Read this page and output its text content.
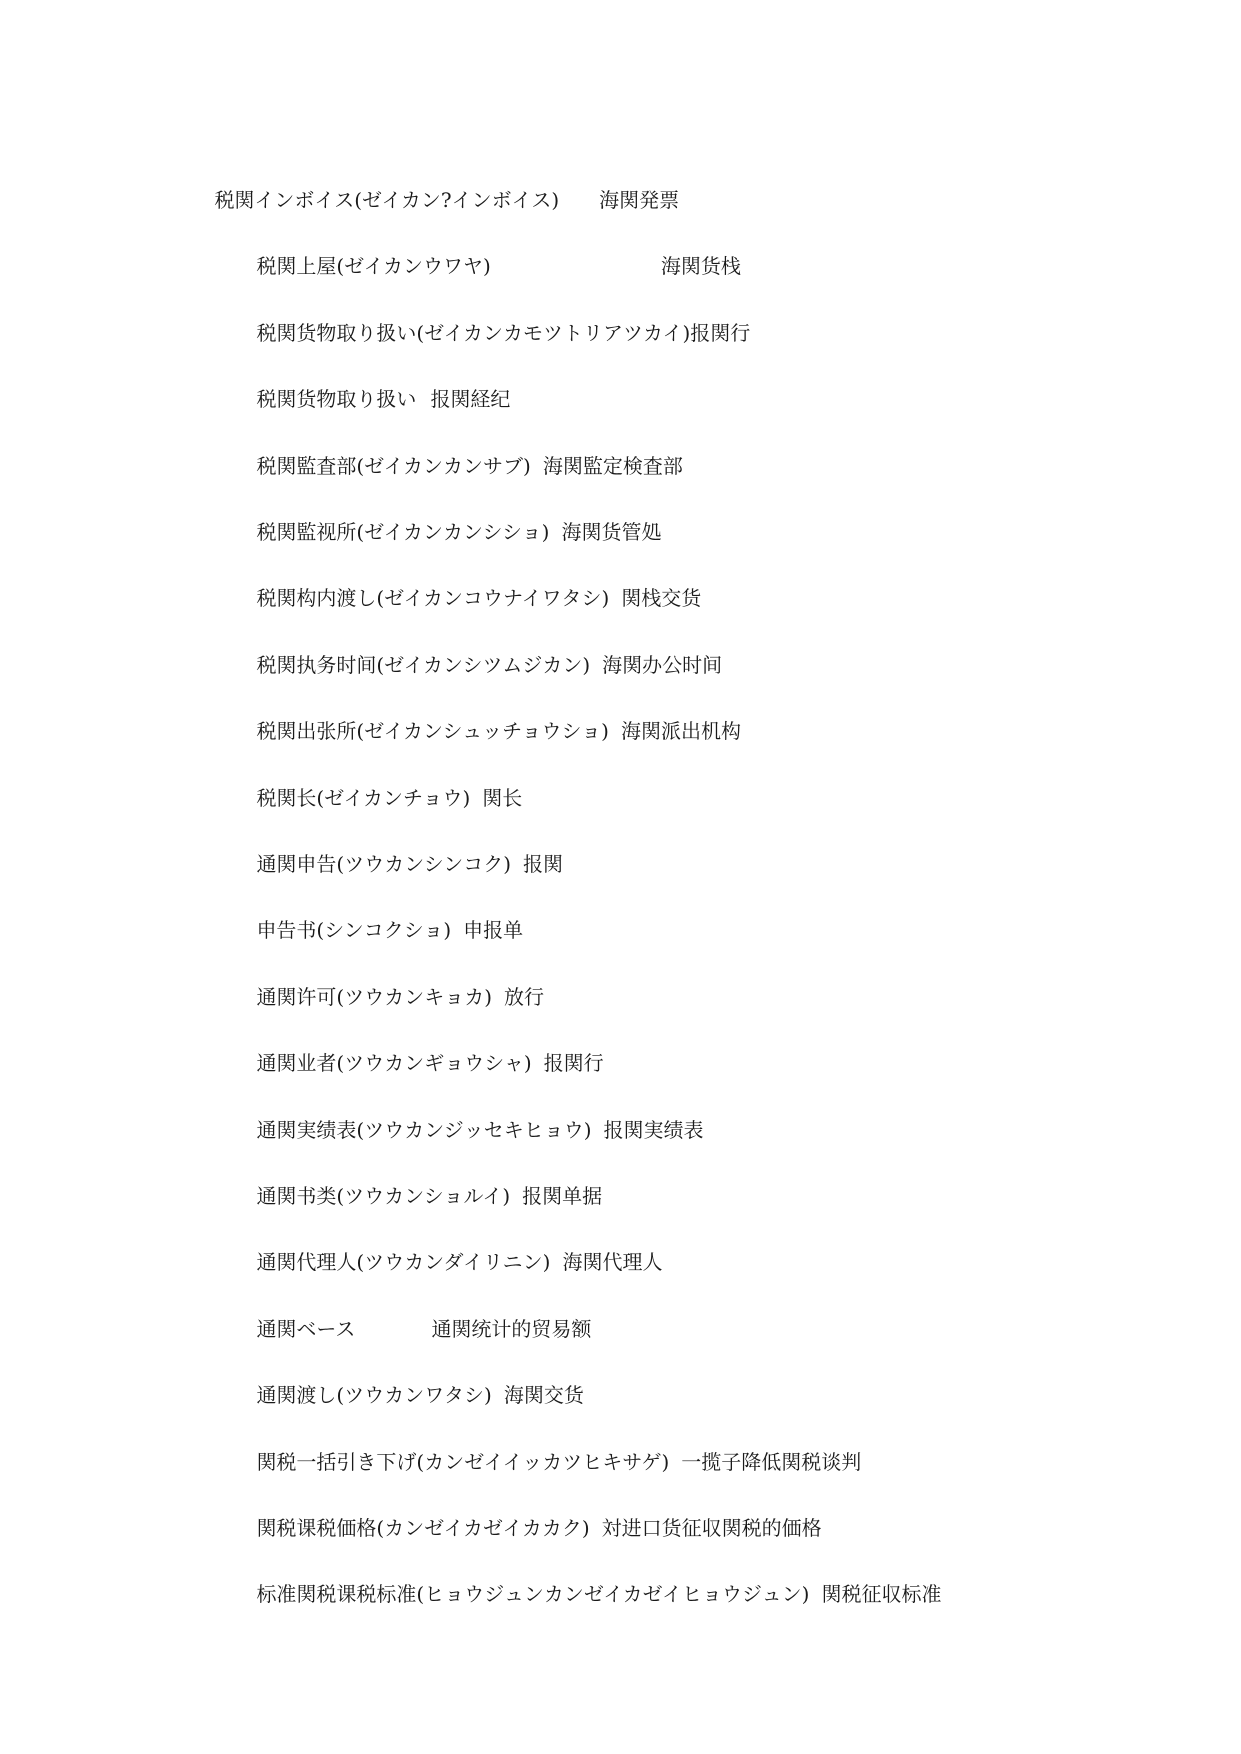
税関インボイス(ゼイカン?インボイス) 海関発票

税関上屋(ゼイカンウワヤ)	海関货栈

税関货物取り扱い(ゼイカンカモツトリアツカイ)报関行

税関货物取り扱い 报関経纪

税関監査部(ゼイカンカンサブ) 海関監定検査部

税関監视所(ゼイカンカンシショ) 海関货管処

税関构内渡し(ゼイカンコウナイワタシ) 関栈交货

税関执务时间(ゼイカンシツムジカン) 海関办公时间

税関出张所(ゼイカンシュッチョウショ) 海関派出机构

税関长(ゼイカンチョウ) 関长

通関申告(ツウカンシンコク) 报関

申告书(シンコクショ) 申报单

通関许可(ツウカンキョカ) 放行

通関业者(ツウカンギョウシャ) 报関行

通関実绩表(ツウカンジッセキヒョウ) 报関実绩表

通関书类(ツウカンショルイ) 报関单据

通関代理人(ツウカンダイリニン) 海関代理人

通関ベース	通関统计的贸易额

通関渡し(ツウカンワタシ) 海関交货

関税一括引き下げ(カンゼイイッカツヒキサゲ) 一揽子降低関税谈判

関税课税価格(カンゼイカゼイカカク) 対进口货征収関税的価格

标准関税课税标准(ヒョウジュンカンゼイカゼイヒョウジュン) 関税征収标准
